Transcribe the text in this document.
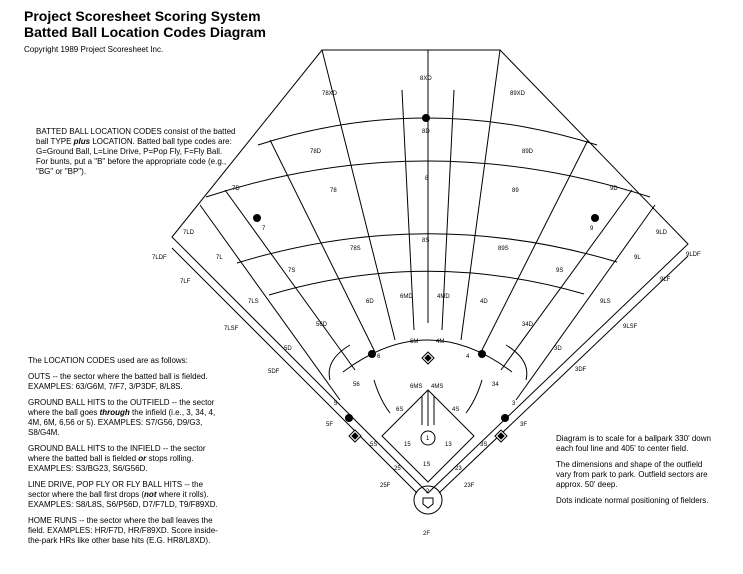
Project Scoresheet Scoring System
Batted Ball Location Codes Diagram
Copyright 1989 Project Scoresheet Inc.
BATTED BALL LOCATION CODES consist of the batted ball TYPE plus LOCATION. Batted ball type codes are: G=Ground Ball, L=Line Drive, P=Pop Fly, F=Fly Ball. For bunts, put a "B" before the appropriate code (e.g., "BG" or "BP").

The LOCATION CODES used are as follows:

OUTS -- the sector where the batted ball is fielded. EXAMPLES: 63/G6M, 7/F7, 3/P3DF, 8/L8S.

GROUND BALL HITS to the OUTFIELD -- the sector where the ball goes through the infield (i.e., 3, 34, 4, 4M, 6M, 6,56 or 5). EXAMPLES: S7/G56, D9/G3, S8/G4M.

GROUND BALL HITS to the INFIELD -- the sector where the batted ball is fielded or stops rolling. EXAMPLES: S3/BG23, S6/G56D.

LINE DRIVE, POP FLY OR FLY BALL HITS -- the sector where the ball first drops (not where it rolls). EXAMPLES: S8/L8S, S6/P56D, D7/F7LD, T9/F89XD.

HOME RUNS -- the sector where the ball leaves the field. EXAMPLES: HR/F7D, HR/F89XD. Score inside-the-park HRs like other base hits (E.G. HR8/L8XD).

Diagram is to scale for a ballpark 330' down each foul line and 405' to center field.

The dimensions and shape of the outfield vary from park to park. Outfield sectors are approx. 50' deep.

Dots indicate normal positioning of fielders.

78XD
8XD
89XD
8D
78D	89D
7D
8
78	89	9D
7LD
7	9
9LD
7LDF	9LDF
7L	9L
7S	9S
78S
8S
89S
7LF	9LF
6D	4D
6MD	4MD
7LS	9LS
7LSF	9LSF
56D	34D
6M	4M
5D	3D
6	4
5DF	3DF
56	34
6MS 4MS
5	3
6S	4S
5F	3F
5S	3S
15
1
13
1S
25	23
25F	23F
2
2F
